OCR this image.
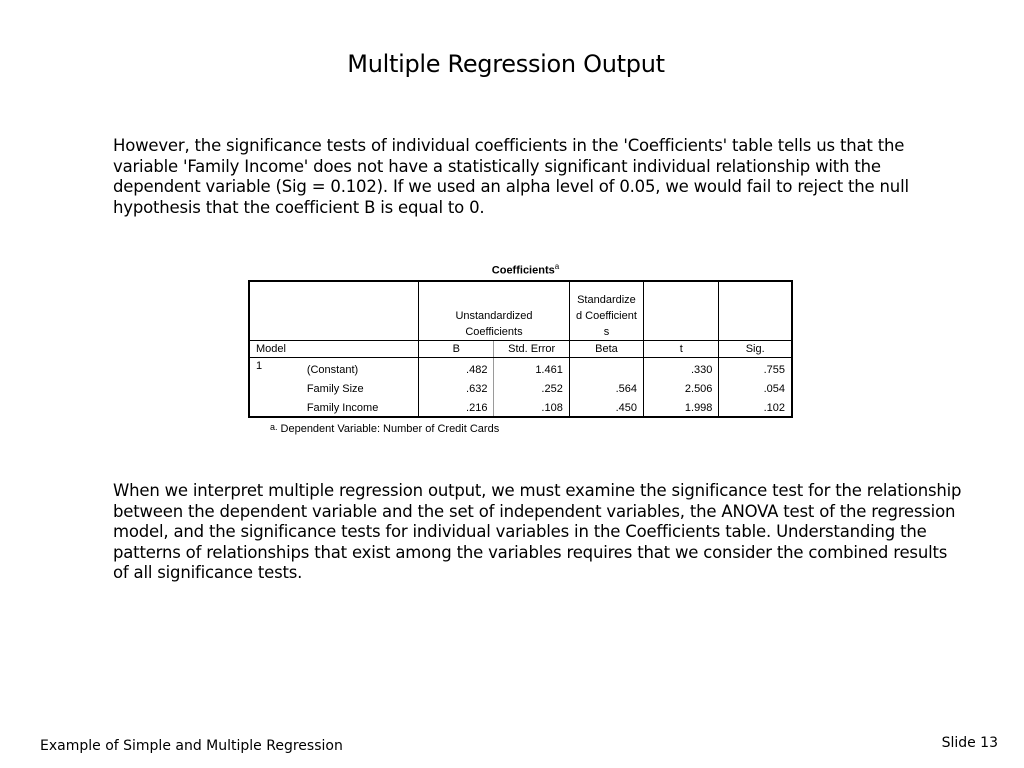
Multiple Regression Output

However, the significance tests of individual coefficients in the 'Coefficients' table tells us that the variable 'Family Income' does not have a statistically significant individual relationship with the dependent variable (Sig = 0.102). If we used an alpha level of 0.05, we would fail to reject the null hypothesis that the coefficient B is equal to 0.

Coefficients$^a$

		Unstandardized Coefficients		Standardized Coefficients		
Model		B	Std. Error	Beta	t	Sig.
1	(Constant)	.482	1.461		.330	.755
	Family Size	.632	.252	.564	2.506	.054
	Family Income	.216	.108	.450	1.998	.102
a. Dependent Variable: Number of Credit Cards

When we interpret multiple regression output, we must examine the significance test for the relationship between the dependent variable and the set of independent variables, the ANOVA test of the regression model, and the significance tests for individual variables in the Coefficients table. Understanding the patterns of relationships that exist among the variables requires that we consider the combined results of all significance tests.

Example of Simple and Multiple Regression	Slide 13
